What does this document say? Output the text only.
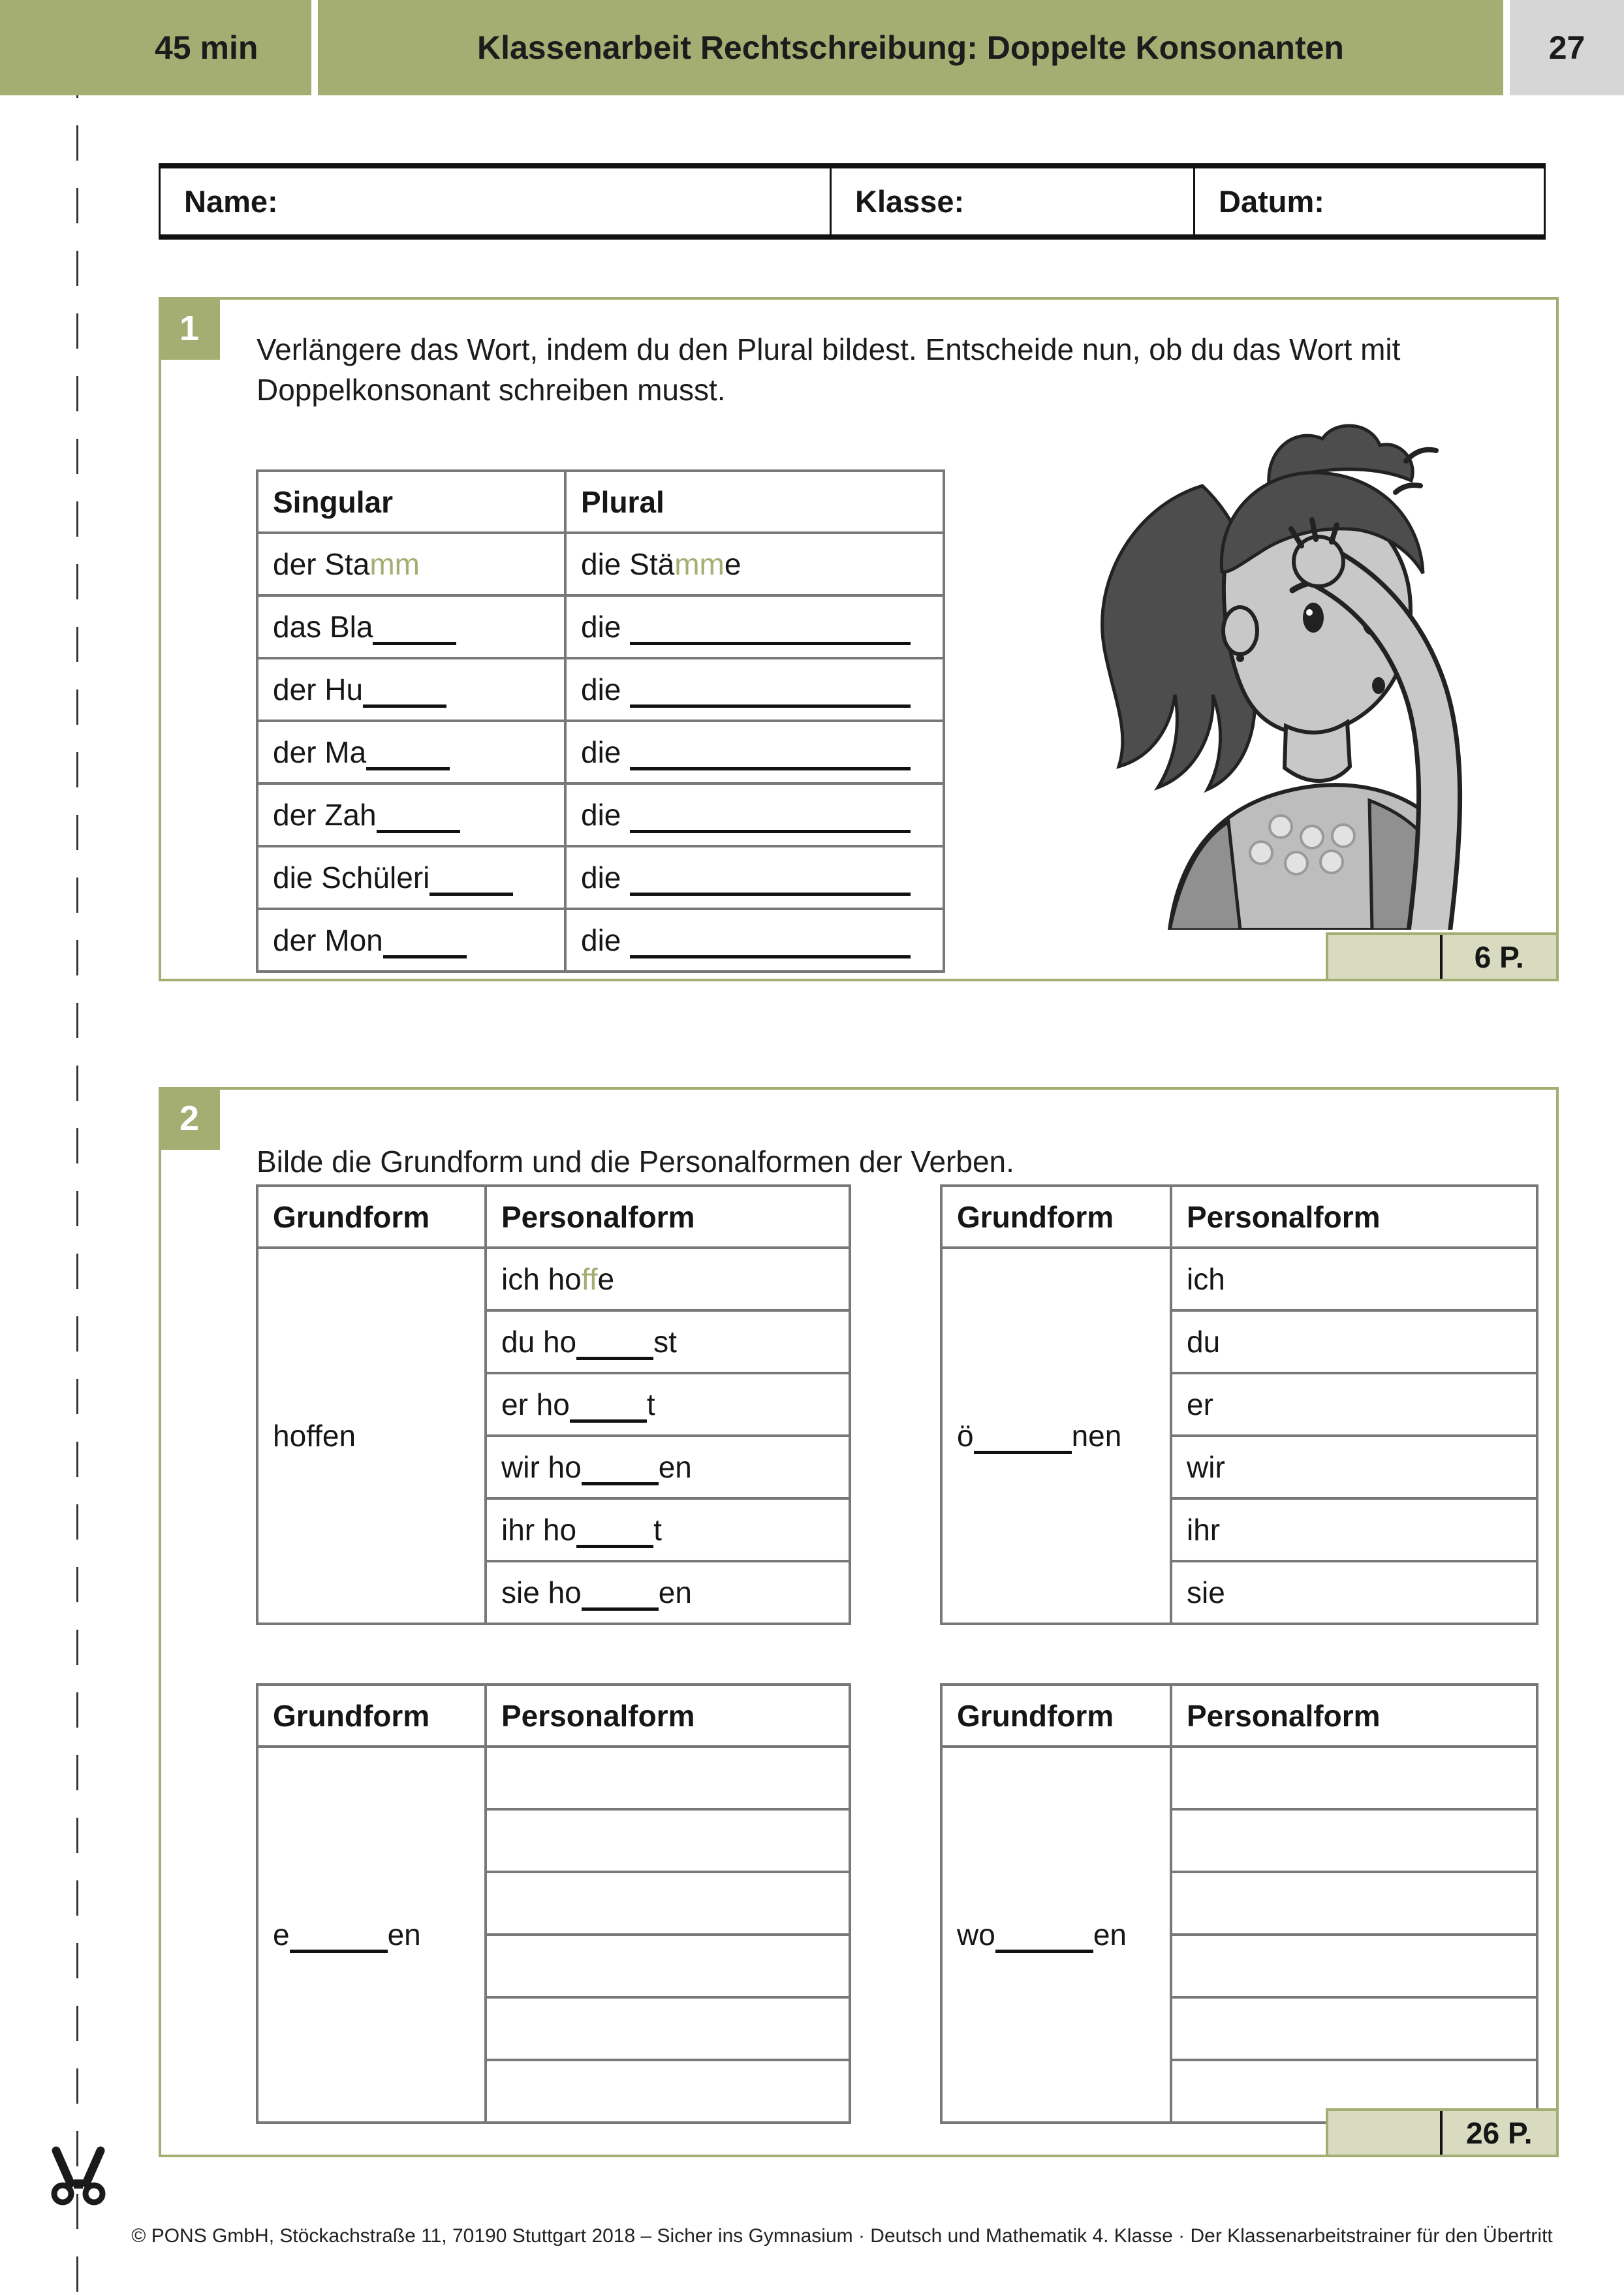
45 min	Klassenarbeit Rechtschreibung: Doppelte Konsonanten	27
Name:	Klasse:	Datum:
1
Verlängere das Wort, indem du den Plural bildest. Entscheide nun, ob du das Wort mit Doppelkonsonant schreiben musst.
Singular	Plural
der Stamm	die Stämme
das Bla	die
der Hu	die
der Ma	die
der Zah	die
die Schüleri	die
der Mon	die	6 P.
2
Bilde die Grundform und die Personalformen der Verben.
Grundform	Personalform
hoffen	ich hoffe
	du ho st
	er ho t
	wir ho en
	ihr ho t
	sie ho en
Grundform	Personalform
ö nen	ich
	du
	er
	wir
	ihr
	sie
Grundform	Personalform
e en	

Grundform	Personalform
wo en	

26 P.
© PONS GmbH, Stöckachstraße 11, 70190 Stuttgart 2018 – Sicher ins Gymnasium · Deutsch und Mathematik 4. Klasse · Der Klassenarbeitstrainer für den Übertritt
